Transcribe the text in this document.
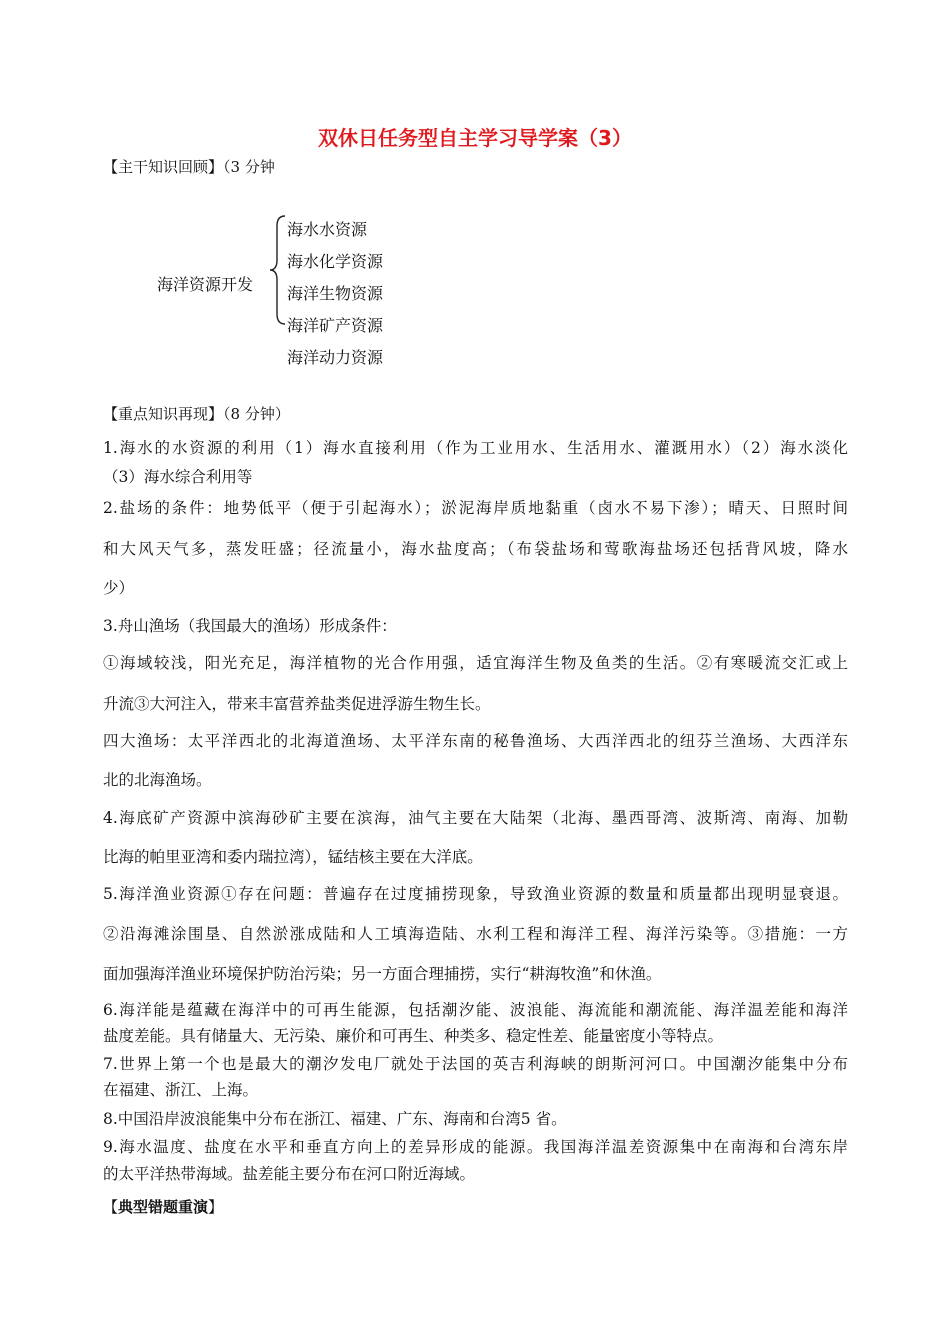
双休日任务型自主学习导学案（3）
【主干知识回顾】（3 分钟
海洋资源开发
海水水资源
海水化学资源
海洋生物资源
海洋矿产资源
海洋动力资源
【重点知识再现】（8 分钟）
1.海水的水资源的利用（1）海水直接利用（作为工业用水、生活用水、灌溉用水）（2）海水淡化
（3）海水综合利用等
2.盐场的条件：地势低平（便于引起海水）；淤泥海岸质地黏重（卤水不易下渗）；晴天、日照时间
和大风天气多，蒸发旺盛；径流量小，海水盐度高；（布袋盐场和莺歌海盐场还包括背风坡，降水
少）
3.舟山渔场（我国最大的渔场）形成条件：
①海域较浅，阳光充足，海洋植物的光合作用强，适宜海洋生物及鱼类的生活。②有寒暖流交汇或上
升流③大河注入，带来丰富营养盐类促进浮游生物生长。
四大渔场：太平洋西北的北海道渔场、太平洋东南的秘鲁渔场、大西洋西北的纽芬兰渔场、大西洋东
北的北海渔场。
4.海底矿产资源中滨海砂矿主要在滨海，油气主要在大陆架（北海、墨西哥湾、波斯湾、南海、加勒
比海的帕里亚湾和委内瑞拉湾），锰结核主要在大洋底。
5.海洋渔业资源①存在问题：普遍存在过度捕捞现象，导致渔业资源的数量和质量都出现明显衰退。
②沿海滩涂围垦、自然淤涨成陆和人工填海造陆、水利工程和海洋工程、海洋污染等。③措施：一方
面加强海洋渔业环境保护防治污染；另一方面合理捕捞，实行“耕海牧渔”和休渔。
6.海洋能是蕴藏在海洋中的可再生能源，包括潮汐能、波浪能、海流能和潮流能、海洋温差能和海洋
盐度差能。具有储量大、无污染、廉价和可再生、种类多、稳定性差、能量密度小等特点。
7.世界上第一个也是最大的潮汐发电厂就处于法国的英吉利海峡的朗斯河河口。中国潮汐能集中分布
在福建、浙江、上海。
8.中国沿岸波浪能集中分布在浙江、福建、广东、海南和台湾5 省。
9.海水温度、盐度在水平和垂直方向上的差异形成的能源。我国海洋温差资源集中在南海和台湾东岸
的太平洋热带海域。盐差能主要分布在河口附近海域。
【典型错题重演】
